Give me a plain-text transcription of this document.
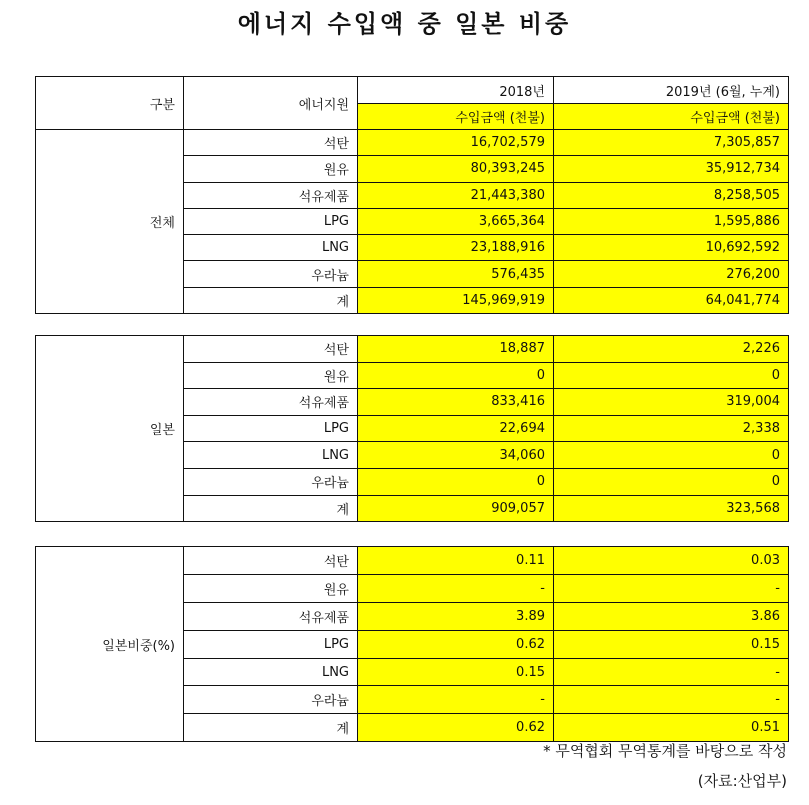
에너지 수입액 중 일본 비중
구분	에너지원	2018년	2019년 (6월, 누계)
		수입금액 (천불)	수입금액 (천불)
전체	석탄	16,702,579	7,305,857
	원유	80,393,245	35,912,734
	석유제품	21,443,380	8,258,505
	LPG	3,665,364	1,595,886
	LNG	23,188,916	10,692,592
	우라늄	576,435	276,200
	계	145,969,919	64,041,774
일본	석탄	18,887	2,226
	원유	0	0
	석유제품	833,416	319,004
	LPG	22,694	2,338
	LNG	34,060	0
	우라늄	0	0
	계	909,057	323,568
일본비중(%)	석탄	0.11	0.03
	원유	-	-
	석유제품	3.89	3.86
	LPG	0.62	0.15
	LNG	0.15	-
	우라늄	-	-
	계	0.62	0.51
* 무역협회 무역통계를 바탕으로 작성
(자료:산업부)
